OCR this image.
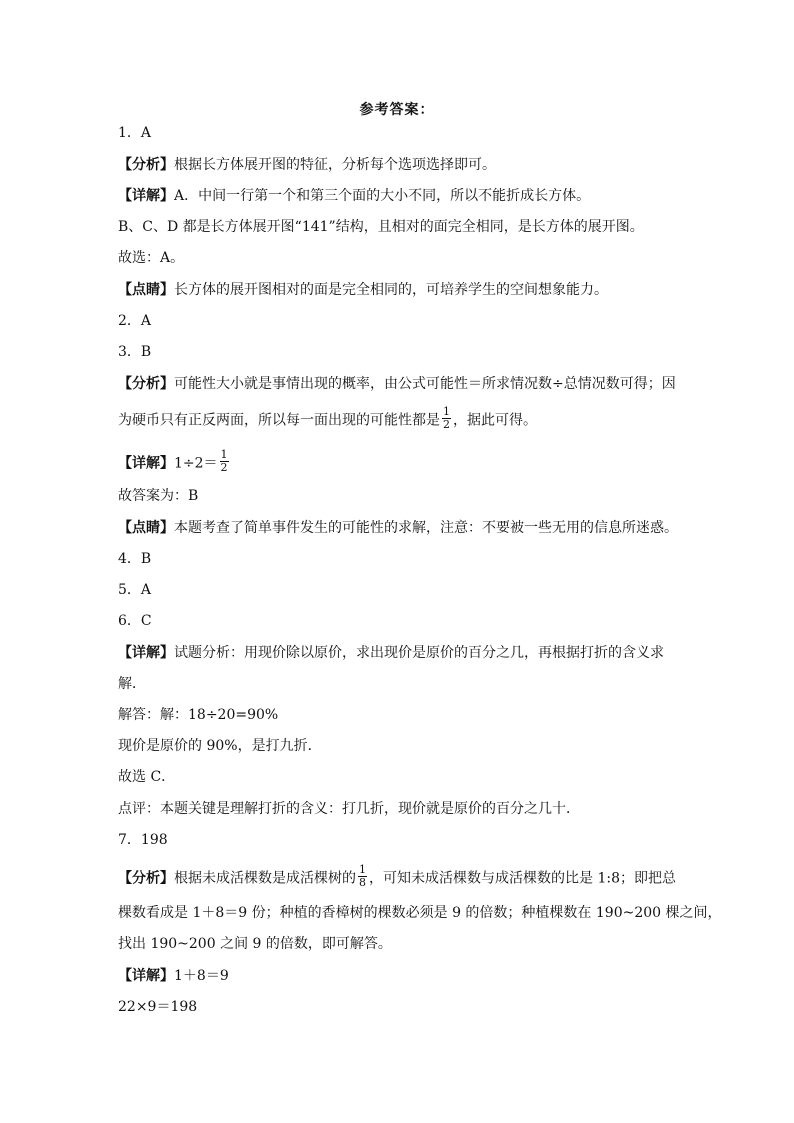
参考答案：
1．A
【分析】根据长方体展开图的特征，分析每个选项选择即可。
【详解】A．中间一行第一个和第三个面的大小不同，所以不能折成长方体。
B、C、D 都是长方体展开图“141”结构，且相对的面完全相同，是长方体的展开图。
故选：A。
【点睛】长方体的展开图相对的面是完全相同的，可培养学生的空间想象能力。
2．A
3．B
【分析】可能性大小就是事情出现的概率，由公式可能性＝所求情况数÷总情况数可得；因
为硬币只有正反两面，所以每一面出现的可能性都是 $\frac{1}{2}$ ，据此可得。
【详解】$1\div 2= \frac{1}{2}$
故答案为：B
【点睛】本题考查了简单事件发生的可能性的求解，注意：不要被一些无用的信息所迷惑。
4．B
5．A
6．C
【详解】试题分析：用现价除以原价，求出现价是原价的百分之几，再根据打折的含义求
解．
解答：解：18÷20=90%
现价是原价的 90%，是打九折．
故选 C．
点评：本题关键是理解打折的含义：打几折，现价就是原价的百分之几十．
7．198
【分析】根据未成活棵数是成活棵树的 $\frac{1}{8}$ ，可知未成活棵数与成活棵数的比是 1:8；即把总
棵数看成是 1＋8＝9 份；种植的香樟树的棵数必须是 9 的倍数；种植棵数在 190~200 棵之间，
找出 190~200 之间 9 的倍数，即可解答。
【详解】1＋8＝9
22×9＝198
